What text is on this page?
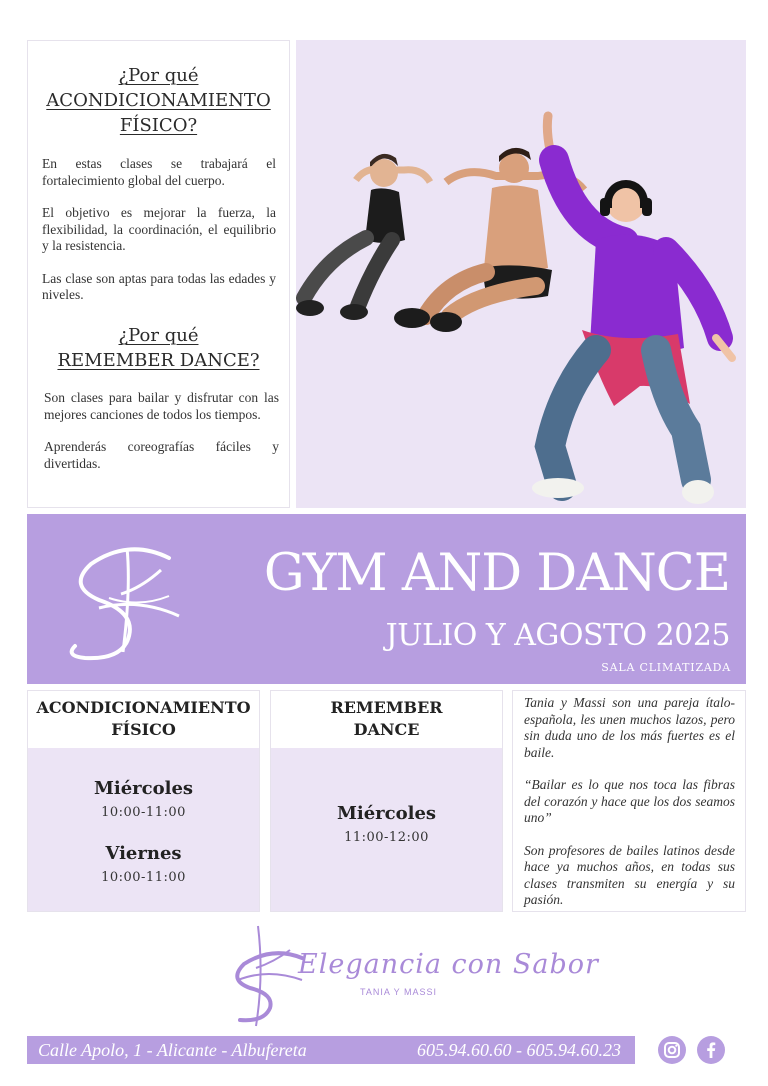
¿Por qué
ACONDICIONAMIENTO
FÍSICO?

En estas clases se trabajará el fortalecimiento global del cuerpo.

El objetivo es mejorar la fuerza, la flexibilidad, la coordinación, el equilibrio y la resistencia.

Las clase son aptas para todas las edades y niveles.

¿Por qué
REMEMBER DANCE?

Son clases para bailar y disfrutar con las mejores canciones de todos los tiempos.

Aprenderás coreografías fáciles y divertidas.

GYM AND DANCE
JULIO Y AGOSTO 2025
SALA CLIMATIZADA
ACONDICIONAMIENTO
FÍSICO
Miércoles
10:00-11:00
Viernes
10:00-11:00
REMEMBER
DANCE
Miércoles
11:00-12:00

Tania y Massi son una pareja ítalo-española, les unen muchos lazos, pero sin duda uno de los más fuertes es el baile.

“Bailar es lo que nos toca las fibras del corazón y hace que los dos seamos uno”

Son profesores de bailes latinos desde hace ya muchos años, en todas sus clases transmiten su energía y su pasión.

Elegancia con Sabor
TANIA Y MASSI
Calle Apolo, 1 - Alicante - Albufereta	605.94.60.60 - 605.94.60.23
